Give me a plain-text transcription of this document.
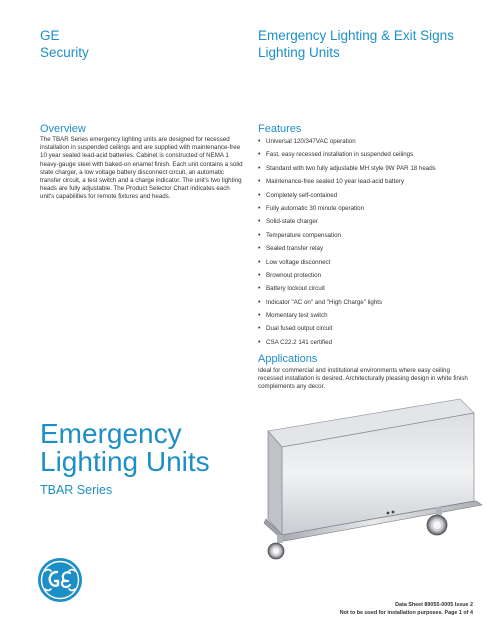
GE
Security
Emergency Lighting & Exit Signs
Lighting Units
Overview

The TBAR Series emergency lighting units are designed for recessed installation in suspended ceilings and are supplied with maintenance-free 10 year sealed lead-acid batteries. Cabinet is constructed of NEMA 1 heavy-gauge steel with baked-on enamel finish. Each unit contains a solid state charger, a low voltage battery disconnect circuit, an automatic transfer circuit, a test switch and a charge indicator. The unit's two lighting heads are fully adjustable. The Product Selector Chart indicates each unit's capabilities for remote fixtures and heads.

Features
• Universal 120/347VAC operation
• Fast, easy recessed installation in suspended ceilings
• Standard with two fully adjustable MH style 9W PAR 18 heads
• Maintenance-free sealed 10 year lead-acid battery
• Completely self-contained
• Fully automatic 30 minute operation
• Solid-state charger
• Temperature compensation
• Sealed transfer relay
• Low voltage disconnect
• Brownout protection
• Battery lockout circuit
• Indicator "AC on" and "High Charge" lights
• Momentary test switch
• Dual fused output circuit
• CSA C22.2 141 certified
Applications

Ideal for commercial and institutional environments where easy ceiling recessed installation is desired. Architecturally pleasing design in white finish complements any decor.

Emergency
Lighting Units
TBAR Series
Data Sheet 89055-0005 Issue 2
Not to be used for installation purposes. Page 1 of 4
